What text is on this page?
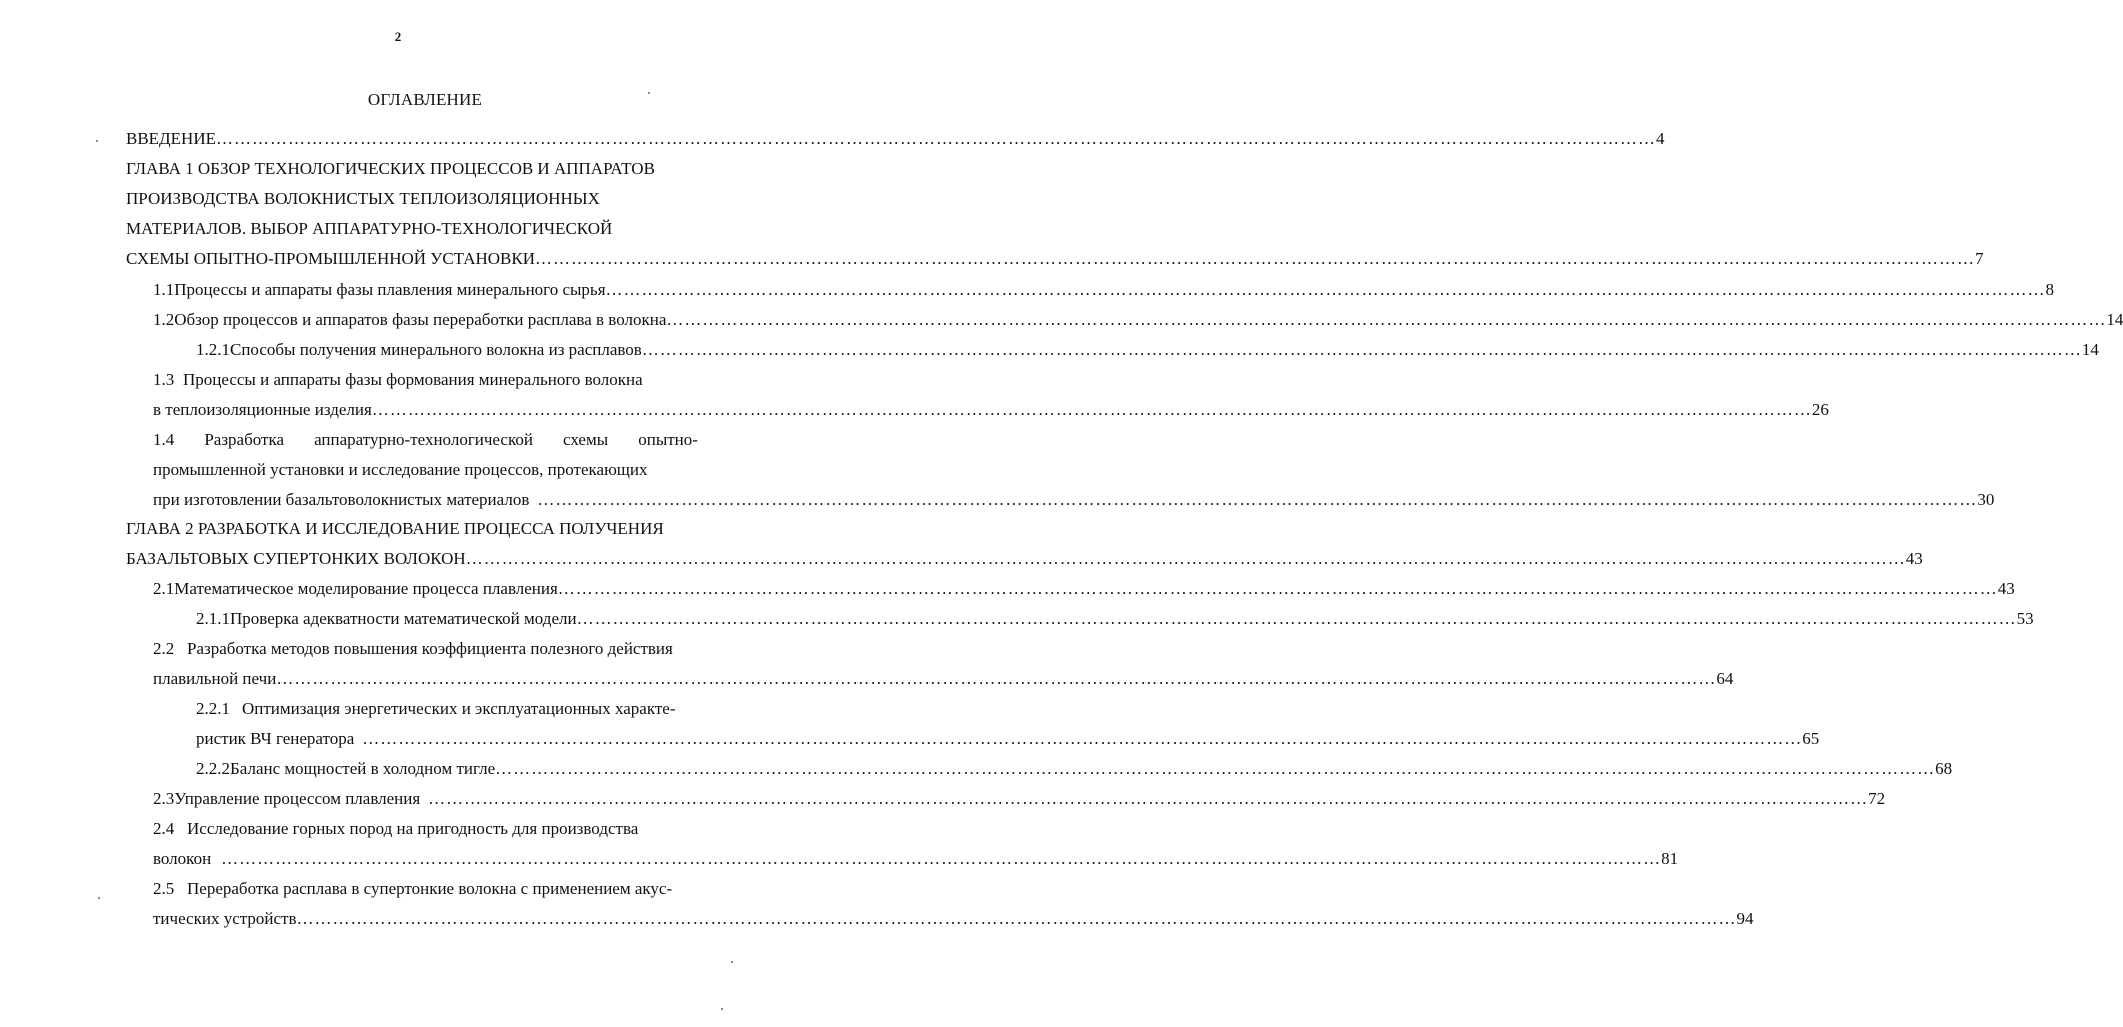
2
ОГЛАВЛЕНИЕ
ВВЕДЕНИЕ …………………………………………………………………………………………………………………………………………………………………………………………………………………… 4
ГЛАВА 1 ОБЗОР ТЕХНОЛОГИЧЕСКИХ ПРОЦЕССОВ И АППАРАТОВ
ПРОИЗВОДСТВА ВОЛОКНИСТЫХ ТЕПЛОИЗОЛЯЦИОННЫХ
МАТЕРИАЛОВ. ВЫБОР АППАРАТУРНО-ТЕХНОЛОГИЧЕСКОЙ
СХЕМЫ ОПЫТНО-ПРОМЫШЛЕННОЙ УСТАНОВКИ …………………………………………………………………………………………………………………………………………………………………………………………………………………… 7
1.1 Процессы и аппараты фазы плавления минерального сырья …………………………………………………………………………………………………………………………………………………………………………………………………………………… 8
1.2 Обзор процессов и аппаратов фазы переработки расплава в волокна …………………………………………………………………………………………………………………………………………………………………………………………………………………… 14
1.2.1 Способы получения минерального волокна из расплавов …………………………………………………………………………………………………………………………………………………………………………………………………………………… 14
1.3 Процессы и аппараты фазы формования минерального волокна
в теплоизоляционные изделия …………………………………………………………………………………………………………………………………………………………………………………………………………………… 26
1.4 Разработка аппаратурно-технологической схемы опытно-
промышленной установки и исследование процессов, протекающих
при изготовлении базальтоволокнистых материалов …………………………………………………………………………………………………………………………………………………………………………………………………………………… 30
ГЛАВА 2 РАЗРАБОТКА И ИССЛЕДОВАНИЕ ПРОЦЕССА ПОЛУЧЕНИЯ
БАЗАЛЬТОВЫХ СУПЕРТОНКИХ ВОЛОКОН …………………………………………………………………………………………………………………………………………………………………………………………………………………… 43
2.1 Математическое моделирование процесса плавления …………………………………………………………………………………………………………………………………………………………………………………………………………………… 43
2.1.1 Проверка адекватности математической модели …………………………………………………………………………………………………………………………………………………………………………………………………………………… 53
2.2 Разработка методов повышения коэффициента полезного действия
плавильной печи …………………………………………………………………………………………………………………………………………………………………………………………………………………… 64
2.2.1 Оптимизация энергетических и эксплуатационных характе-
ристик ВЧ генератора …………………………………………………………………………………………………………………………………………………………………………………………………………………… 65
2.2.2 Баланс мощностей в холодном тигле …………………………………………………………………………………………………………………………………………………………………………………………………………………… 68
2.3 Управление процессом плавления …………………………………………………………………………………………………………………………………………………………………………………………………………………… 72
2.4 Исследование горных пород на пригодность для производства
волокон …………………………………………………………………………………………………………………………………………………………………………………………………………………… 81
2.5 Переработка расплава в супертонкие волокна с применением акус-
тических устройств …………………………………………………………………………………………………………………………………………………………………………………………………………………… 94
